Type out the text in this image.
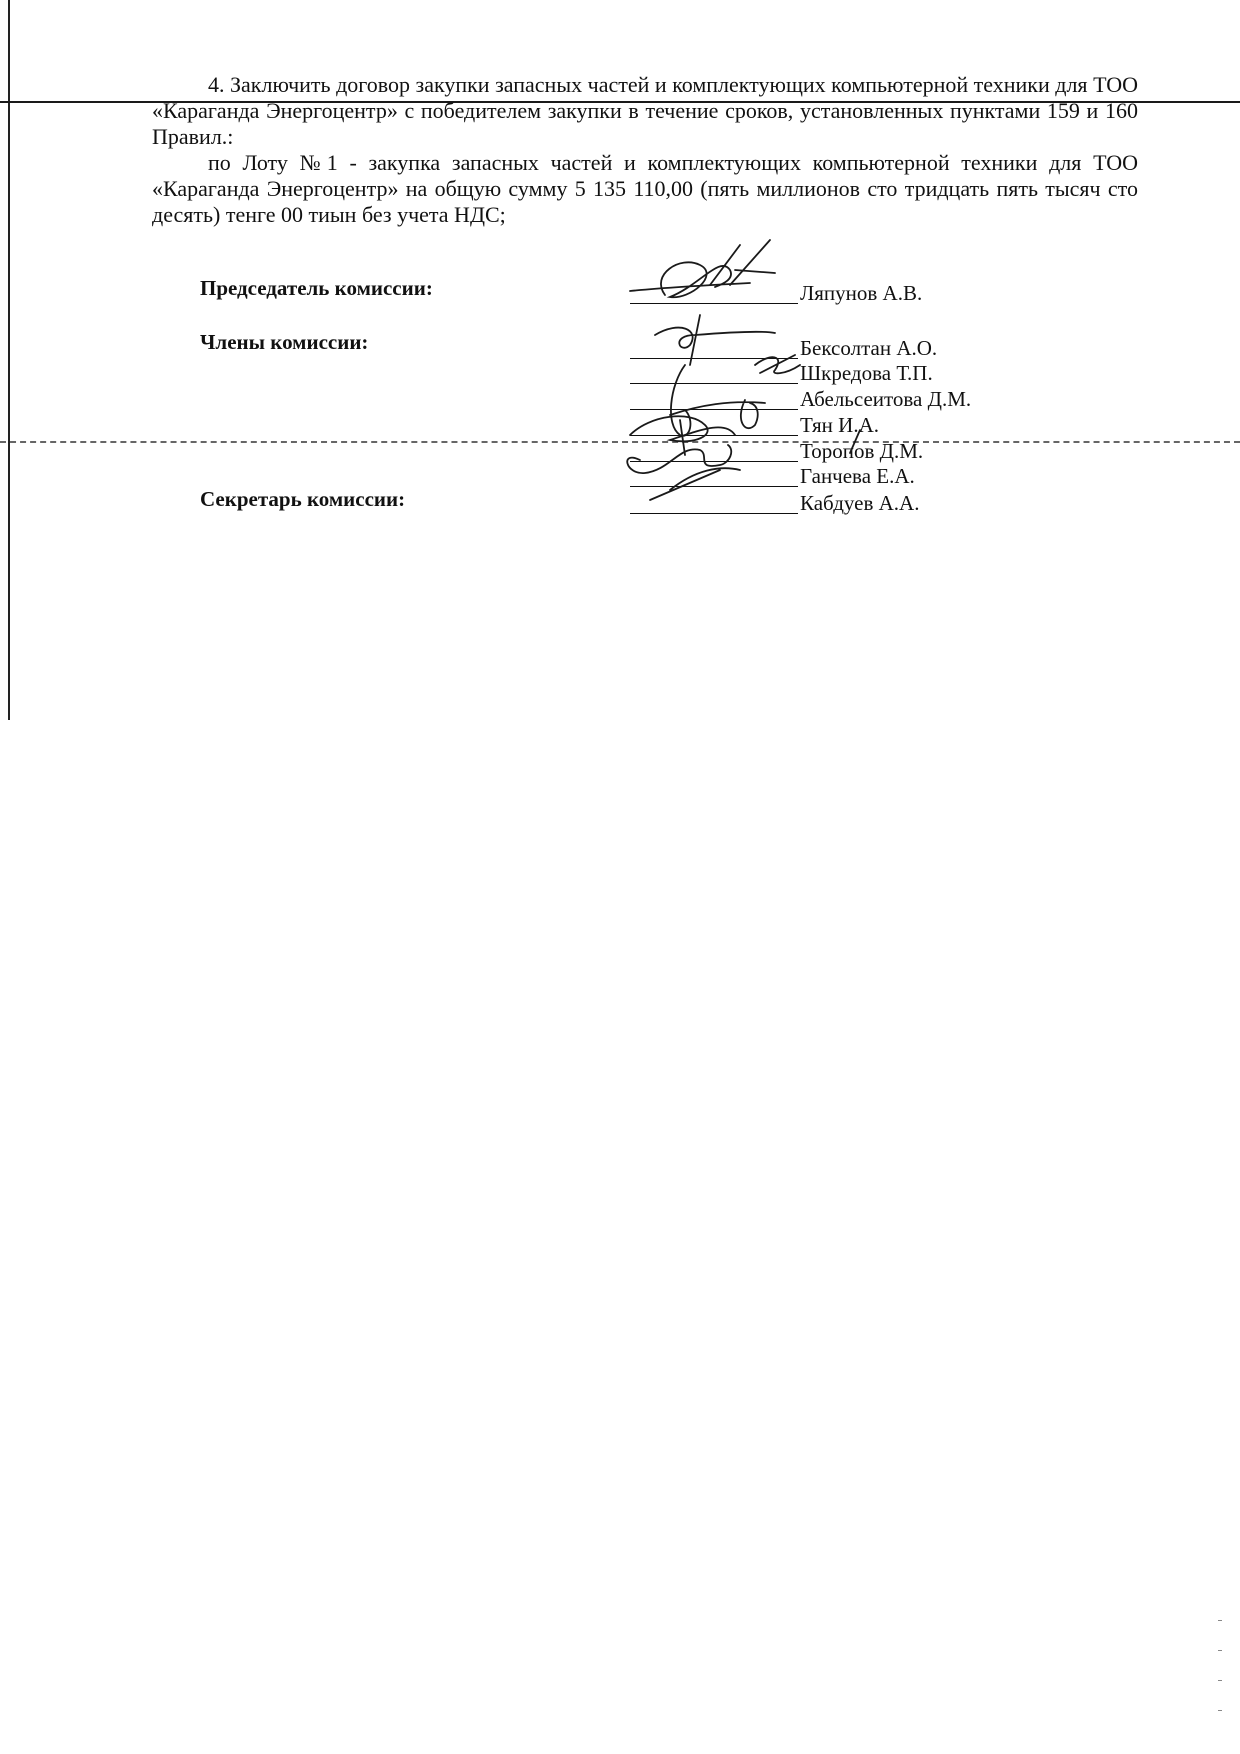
4. Заключить договор закупки запасных частей и комплектующих компьютерной техники для ТОО «Караганда Энергоцентр» с победителем закупки в течение сроков, установленных пунктами 159 и 160 Правил.:

по Лоту №1 - закупка запасных частей и комплектующих компьютерной техники для ТОО «Караганда Энергоцентр» на общую сумму 5 135 110,00 (пять миллионов сто тридцать пять тысяч сто десять) тенге 00 тиын без учета НДС;

Председатель комиссии:
Члены комиссии:
Секретарь комиссии:
Ляпунов А.В.
Бексолтан А.О.
Шкредова Т.П.
Абельсеитова Д.М.
Тян И.А.
Торопов Д.М.
Ганчева Е.А.
Кабдуев А.А.
